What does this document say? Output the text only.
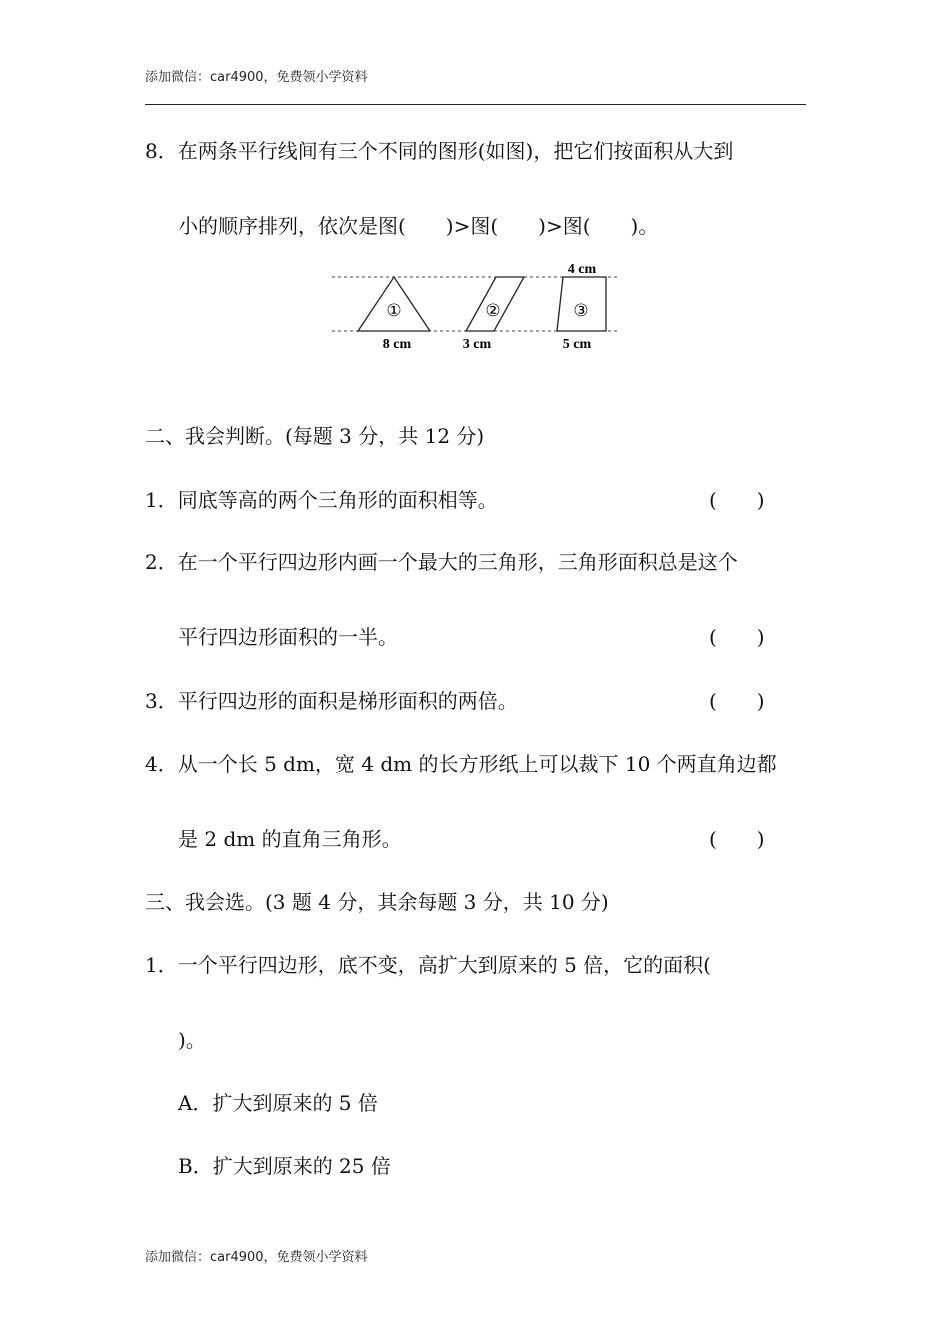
添加微信：car4900，免费领小学资料
8．在两条平行线间有三个不同的图形(如图)，把它们按面积从大到
小的顺序排列，依次是图(　　)>图(　　)>图(　　)。
①	②	③
4 cm
8 cm	3 cm	5 cm
二、我会判断。(每题 3 分，共 12 分)
1．同底等高的两个三角形的面积相等。	(　　)
2．在一个平行四边形内画一个最大的三角形，三角形面积总是这个
平行四边形面积的一半。	(　　)
3．平行四边形的面积是梯形面积的两倍。	(　　)
4．从一个长 5 dm，宽 4 dm 的长方形纸上可以裁下 10 个两直角边都
是 2 dm 的直角三角形。	(　　)
三、我会选。(3 题 4 分，其余每题 3 分，共 10 分)
1．一个平行四边形，底不变，高扩大到原来的 5 倍，它的面积(
)。
A．扩大到原来的 5 倍
B．扩大到原来的 25 倍
添加微信：car4900，免费领小学资料
